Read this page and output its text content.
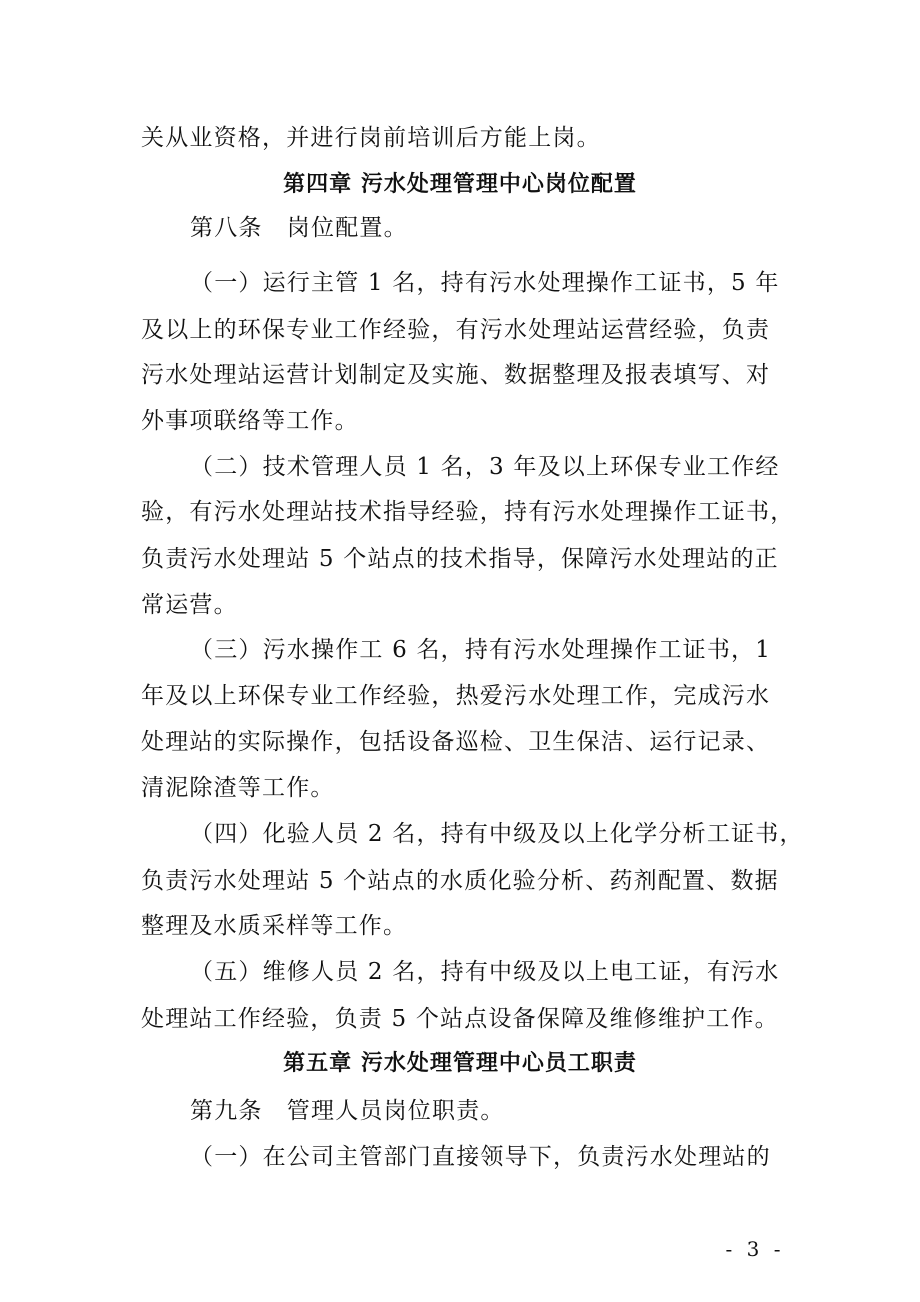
关从业资格，并进行岗前培训后方能上岗。
第四章 污水处理管理中心岗位配置
第八条　岗位配置。
（一）运行主管 1 名，持有污水处理操作工证书，5 年
及以上的环保专业工作经验，有污水处理站运营经验，负责
污水处理站运营计划制定及实施、数据整理及报表填写、对
外事项联络等工作。
（二）技术管理人员 1 名，3 年及以上环保专业工作经
验，有污水处理站技术指导经验，持有污水处理操作工证书，
负责污水处理站 5 个站点的技术指导，保障污水处理站的正
常运营。
（三）污水操作工 6 名，持有污水处理操作工证书，1
年及以上环保专业工作经验，热爱污水处理工作，完成污水
处理站的实际操作，包括设备巡检、卫生保洁、运行记录、
清泥除渣等工作。
（四）化验人员 2 名，持有中级及以上化学分析工证书，
负责污水处理站 5 个站点的水质化验分析、药剂配置、数据
整理及水质采样等工作。
（五）维修人员 2 名，持有中级及以上电工证，有污水
处理站工作经验，负责 5 个站点设备保障及维修维护工作。
第五章 污水处理管理中心员工职责
第九条　管理人员岗位职责。
（一）在公司主管部门直接领导下，负责污水处理站的
- 3 -
